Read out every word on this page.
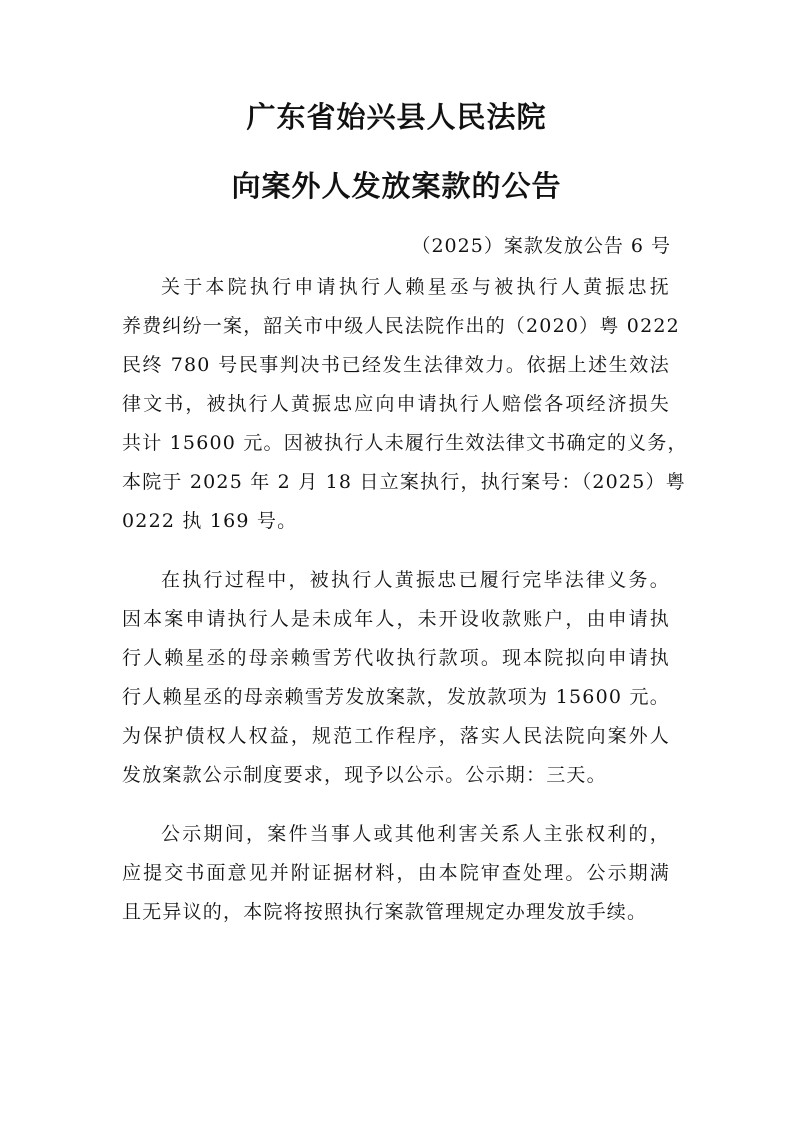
广东省始兴县人民法院
向案外人发放案款的公告
（2025）案款发放公告 6 号
关于本院执行申请执行人赖星丞与被执行人黄振忠抚
养费纠纷一案，韶关市中级人民法院作出的（2020）粤 0222
民终 780 号民事判决书已经发生法律效力。依据上述生效法
律文书，被执行人黄振忠应向申请执行人赔偿各项经济损失
共计 15600 元。因被执行人未履行生效法律文书确定的义务，
本院于 2025 年 2 月 18 日立案执行，执行案号：（2025）粤
0222 执 169 号。
在执行过程中，被执行人黄振忠已履行完毕法律义务。
因本案申请执行人是未成年人，未开设收款账户，由申请执
行人赖星丞的母亲赖雪芳代收执行款项。现本院拟向申请执
行人赖星丞的母亲赖雪芳发放案款，发放款项为 15600 元。
为保护债权人权益，规范工作程序，落实人民法院向案外人
发放案款公示制度要求，现予以公示。公示期：三天。
公示期间，案件当事人或其他利害关系人主张权利的，
应提交书面意见并附证据材料，由本院审查处理。公示期满
且无异议的，本院将按照执行案款管理规定办理发放手续。
